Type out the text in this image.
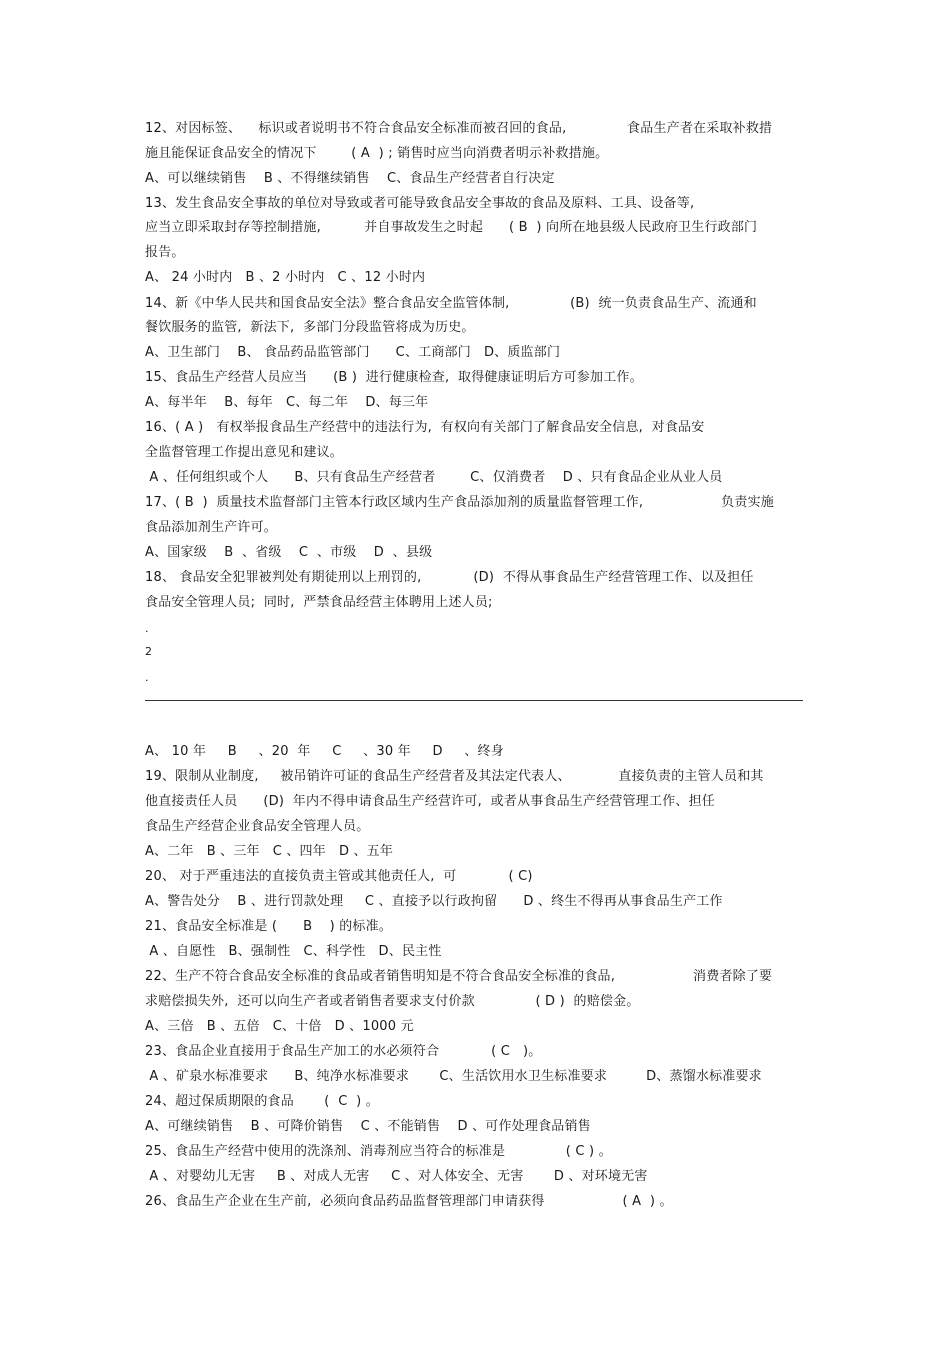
12、对因标签、    标识或者说明书不符合食品安全标准而被召回的食品,              食品生产者在采取补救措
施且能保证食品安全的情况下        ( A  ) ; 销售时应当向消费者明示补救措施。
A、可以继续销售    B 、不得继续销售    C、食品生产经营者自行决定
13、发生食品安全事故的单位对导致或者可能导致食品安全事故的食品及原料、工具、设备等,
应当立即采取封存等控制措施,          并自事故发生之时起      ( B  ) 向所在地县级人民政府卫生行政部门
报告。
A、 24 小时内   B 、2 小时内   C 、12 小时内
14、新《中华人民共和国食品安全法》整合食品安全监管体制,              (B)  统一负责食品生产、流通和
餐饮服务的监管,  新法下,  多部门分段监管将成为历史。
A、卫生部门    B、 食品药品监管部门      C、工商部门   D、质监部门
15、食品生产经营人员应当      (B )  进行健康检查,  取得健康证明后方可参加工作。
A、每半年    B、每年   C、每二年    D、每三年
16、( A )   有权举报食品生产经营中的违法行为,  有权向有关部门了解食品安全信息,  对食品安
全监督管理工作提出意见和建议。
A 、任何组织或个人      B、只有食品生产经营者        C、仅消费者    D 、只有食品企业从业人员
17、( B  )  质量技术监督部门主管本行政区域内生产食品添加剂的质量监督管理工作,                  负责实施
食品添加剂生产许可。
A、国家级    B  、省级    C  、市级    D  、县级
18、 食品安全犯罪被判处有期徒刑以上刑罚的,            (D)  不得从事食品生产经营管理工作、以及担任
食品安全管理人员;  同时,  严禁食品经营主体聘用上述人员;
.
2
.
A、 10 年     B     、20  年     C     、30 年     D     、终身
19、限制从业制度,     被吊销许可证的食品生产经营者及其法定代表人、           直接负责的主管人员和其
他直接责任人员      (D)  年内不得申请食品生产经营许可,  或者从事食品生产经营管理工作、担任
食品生产经营企业食品安全管理人员。
A、二年   B 、三年   C 、四年   D 、五年
20、 对于严重违法的直接负责主管或其他责任人,  可            ( C)
A、警告处分    B 、进行罚款处理     C 、直接予以行政拘留      D 、终生不得再从事食品生产工作
21、食品安全标准是 (      B    ) 的标准。
A 、自愿性   B、强制性   C、科学性   D、民主性
22、生产不符合食品安全标准的食品或者销售明知是不符合食品安全标准的食品,                  消费者除了要
求赔偿损失外,  还可以向生产者或者销售者要求支付价款              ( D )  的赔偿金。
A、三倍   B 、五倍   C、十倍   D 、1000 元
23、食品企业直接用于食品生产加工的水必须符合            ( C   )。
A 、矿泉水标准要求      B、纯净水标准要求       C、生活饮用水卫生标准要求         D、蒸馏水标准要求
24、超过保质期限的食品       (  C  ) 。
A、可继续销售    B 、可降价销售    C 、不能销售    D 、可作处理食品销售
25、食品生产经营中使用的洗涤剂、消毒剂应当符合的标准是              ( C ) 。
A 、对婴幼儿无害     B 、对成人无害     C 、对人体安全、无害       D 、对环境无害
26、食品生产企业在生产前,  必须向食品药品监督管理部门申请获得                  ( A  ) 。
